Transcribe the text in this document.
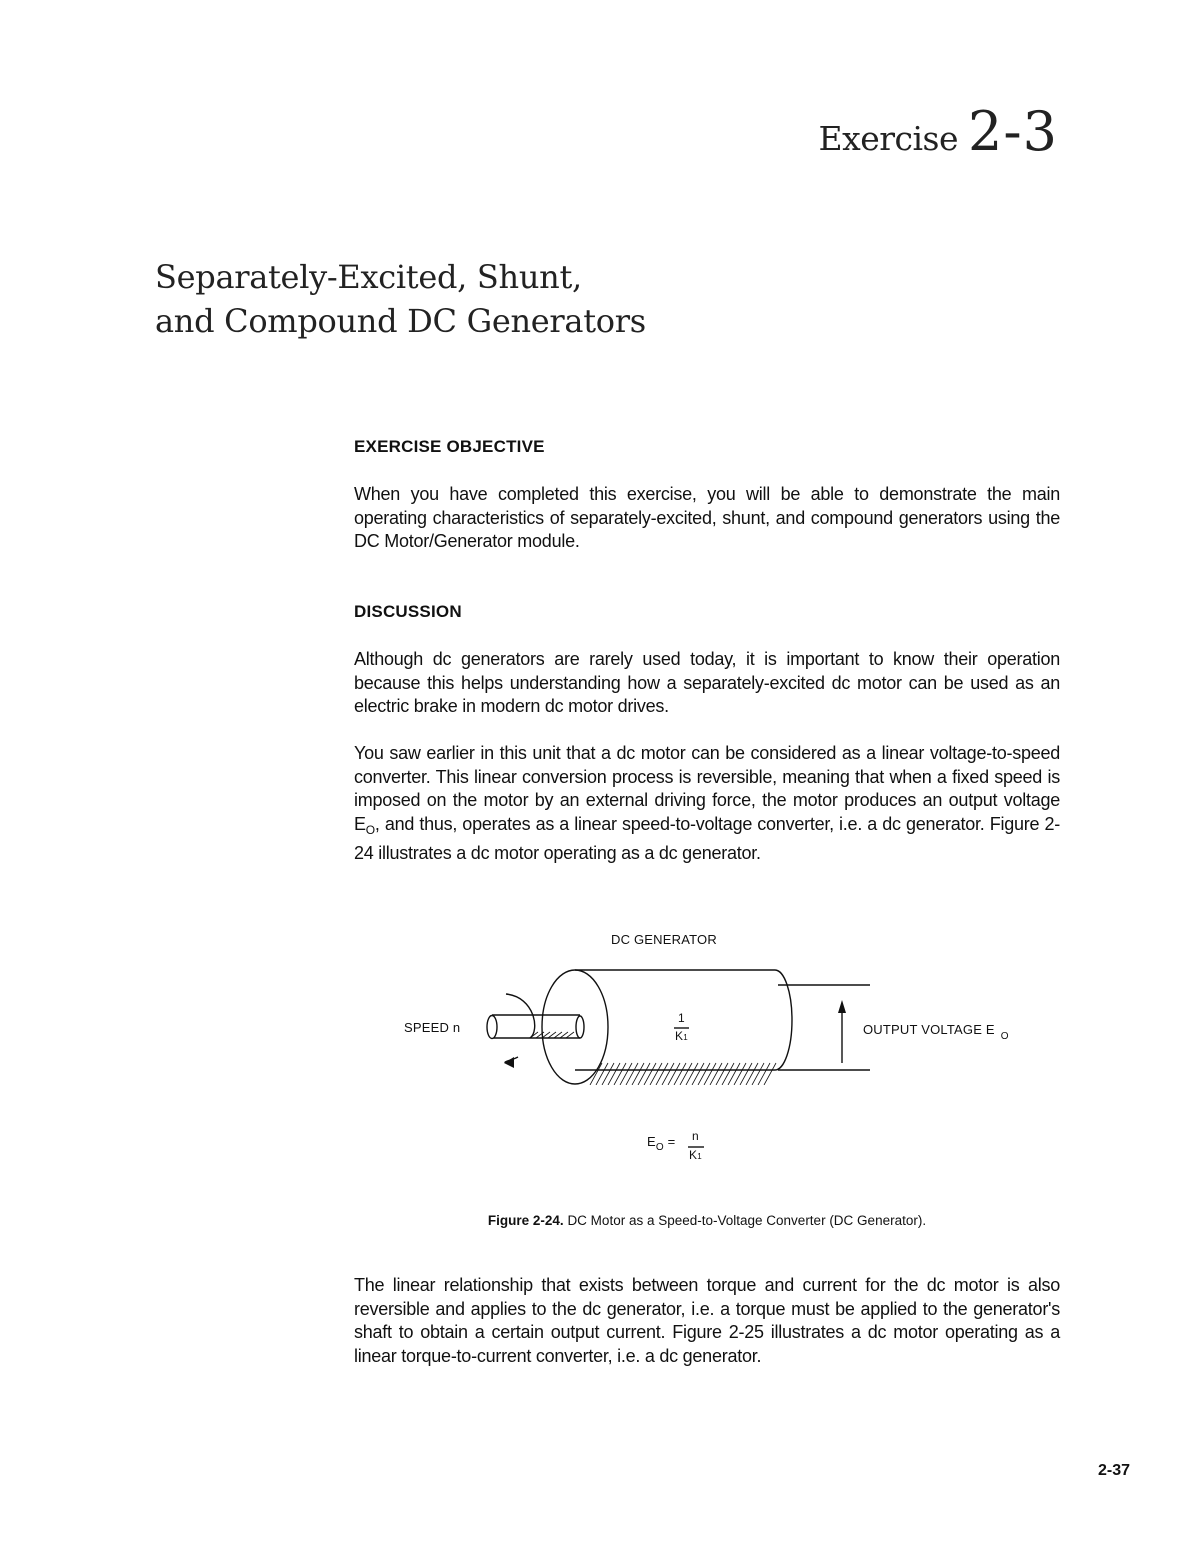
Exercise 2-3
Separately-Excited, Shunt,
and Compound DC Generators
EXERCISE OBJECTIVE
When you have completed this exercise, you will be able to demonstrate the main operating characteristics of separately-excited, shunt, and compound generators using the DC Motor/Generator module.
DISCUSSION
Although dc generators are rarely used today, it is important to know their operation because this helps understanding how a separately-excited dc motor can be used as an electric brake in modern dc motor drives.
You saw earlier in this unit that a dc motor can be considered as a linear voltage-to-speed converter. This linear conversion process is reversible, meaning that when a fixed speed is imposed on the motor by an external driving force, the motor produces an output voltage $E_O$, and thus, operates as a linear speed-to-voltage converter, i.e. a dc generator. Figure 2-24 illustrates a dc motor operating as a dc generator.
DC GENERATOR
SPEED n	OUTPUT VOLTAGE E $_O$
1
K1
$E_O = n$
K1
Figure 2-24. DC Motor as a Speed-to-Voltage Converter (DC Generator).
The linear relationship that exists between torque and current for the dc motor is also reversible and applies to the dc generator, i.e. a torque must be applied to the generator's shaft to obtain a certain output current. Figure 2-25 illustrates a dc motor operating as a linear torque-to-current converter, i.e. a dc generator.
2-37
